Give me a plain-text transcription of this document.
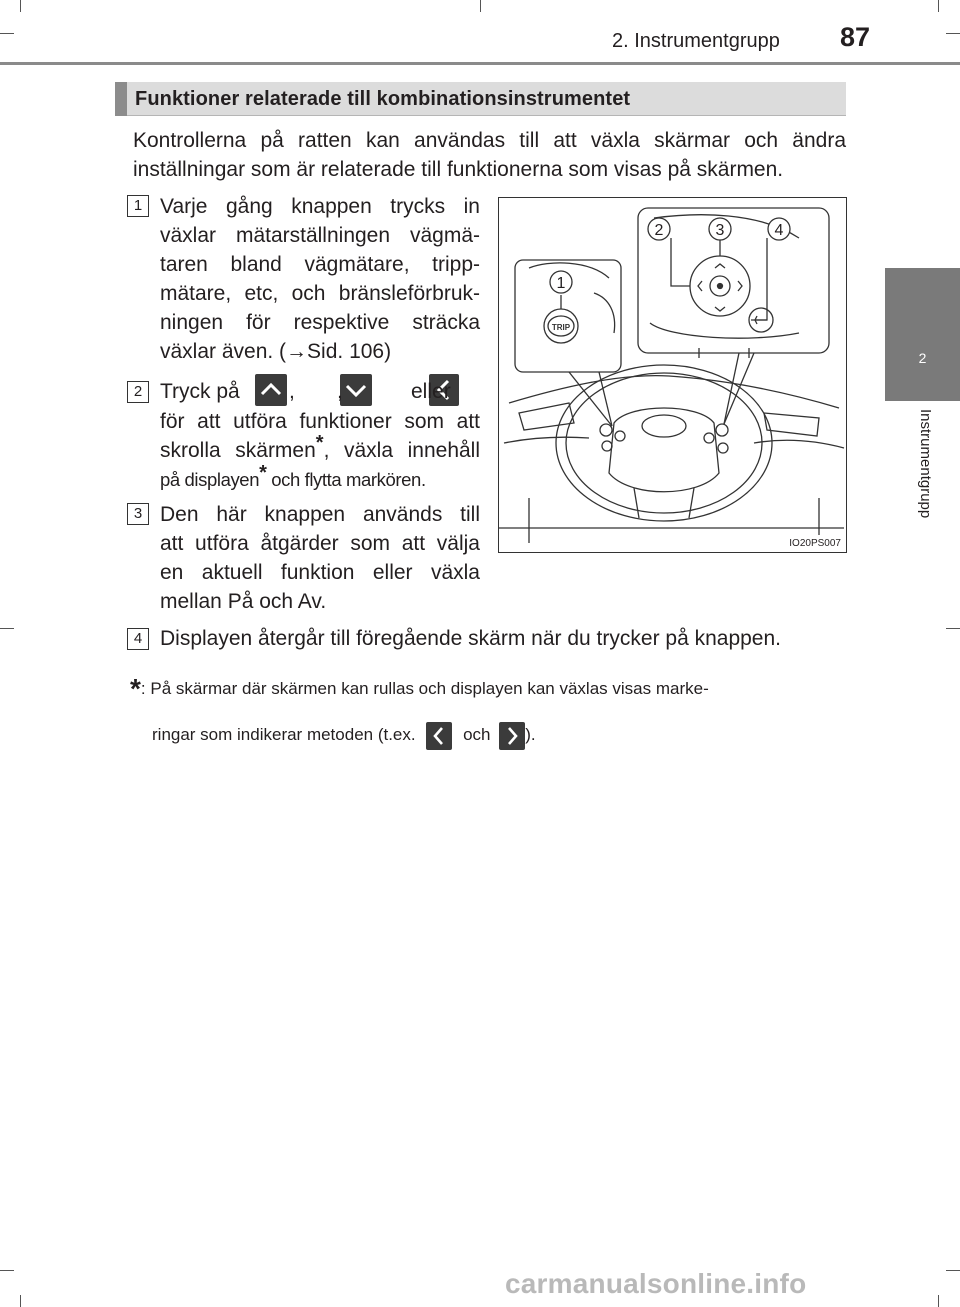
2. Instrumentgrupp 87
2
Instrumentgrupp
Funktioner relaterade till kombinationsinstrumentet
Kontrollerna på ratten kan användas till att växla skärmar och ändra inställningar som är relaterade till funktionerna som visas på skärmen.
1 Varje gång knappen trycks in
växlar mätarställningen vägmä-
taren bland vägmätare, tripp-
mätare, etc, och bränsleförbruk-
ningen för respektive sträcka
växlar även. (→Sid. 106)
2 Tryck på
,
,
	eller
för att utföra funktioner som att
skrolla skärmen*, växla innehåll
på displayen* och flytta markören.
3 Den här knappen används till
att utföra åtgärder som att välja
en aktuell funktion eller växla
mellan På och Av.
4 Displayen återgår till föregående skärm när du trycker på knappen.
*: På skärmar där skärmen kan rullas och displayen kan växlas visas marke-
ringar som indikerar metoden (t.ex.	och ).
TRIP
1
2	3	4
IO20PS007
carmanualsonline.info
